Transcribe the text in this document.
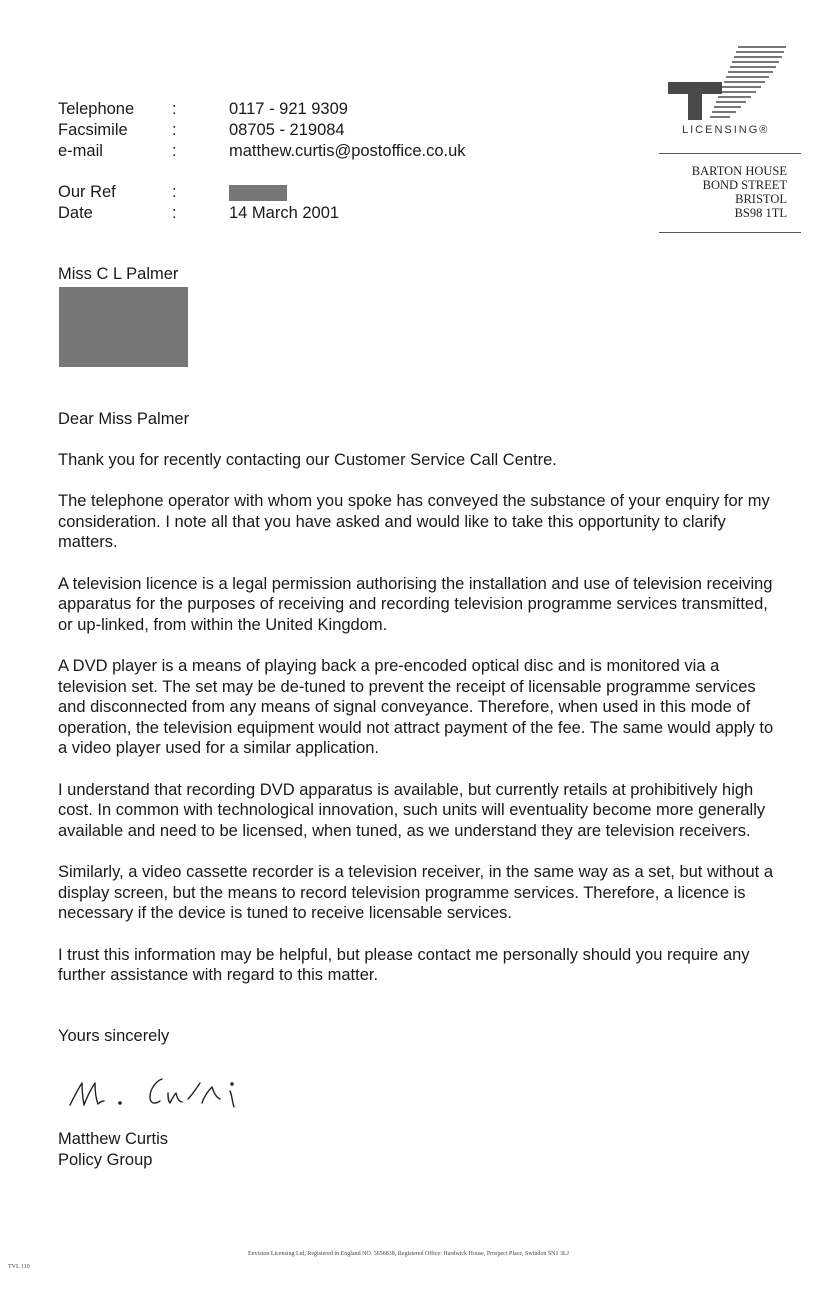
Telephone :	0117 - 921 9309
Facsimile	:	08705 - 219084
e-mail	:	matthew.curtis@postoffice.co.uk
Our Ref	:
Date	:	14 March 2001
LICENSING®
BARTON HOUSE
BOND STREET
BRISTOL
BS98 1TL
Miss C L Palmer

Dear Miss Palmer

Thank you for recently contacting our Customer Service Call Centre.

The telephone operator with whom you spoke has conveyed the substance of your enquiry for my consideration. I note all that you have asked and would like to take this opportunity to clarify matters.

A television licence is a legal permission authorising the installation and use of television receiving apparatus for the purposes of receiving and recording television programme services transmitted, or up-linked, from within the United Kingdom.

A DVD player is a means of playing back a pre-encoded optical disc and is monitored via a television set. The set may be de-tuned to prevent the receipt of licensable programme services and disconnected from any means of signal conveyance. Therefore, when used in this mode of operation, the television equipment would not attract payment of the fee. The same would apply to a video player used for a similar application.

I understand that recording DVD apparatus is available, but currently retails at prohibitively high cost. In common with technological innovation, such units will eventuality become more generally available and need to be licensed, when tuned, as we understand they are television receivers.

Similarly, a video cassette recorder is a television receiver, in the same way as a set, but without a display screen, but the means to record television programme services. Therefore, a licence is necessary if the device is tuned to receive licensable services.

I trust this information may be helpful, but please contact me personally should you require any further assistance with regard to this matter.

Yours sincerely
Matthew Curtis
Policy Group
Envision Licensing Ltd, Registered in England NO. 3656838, Registered Office: Hardwick House, Prospect Place, Swindon SN1 3LJ
TVL 110
